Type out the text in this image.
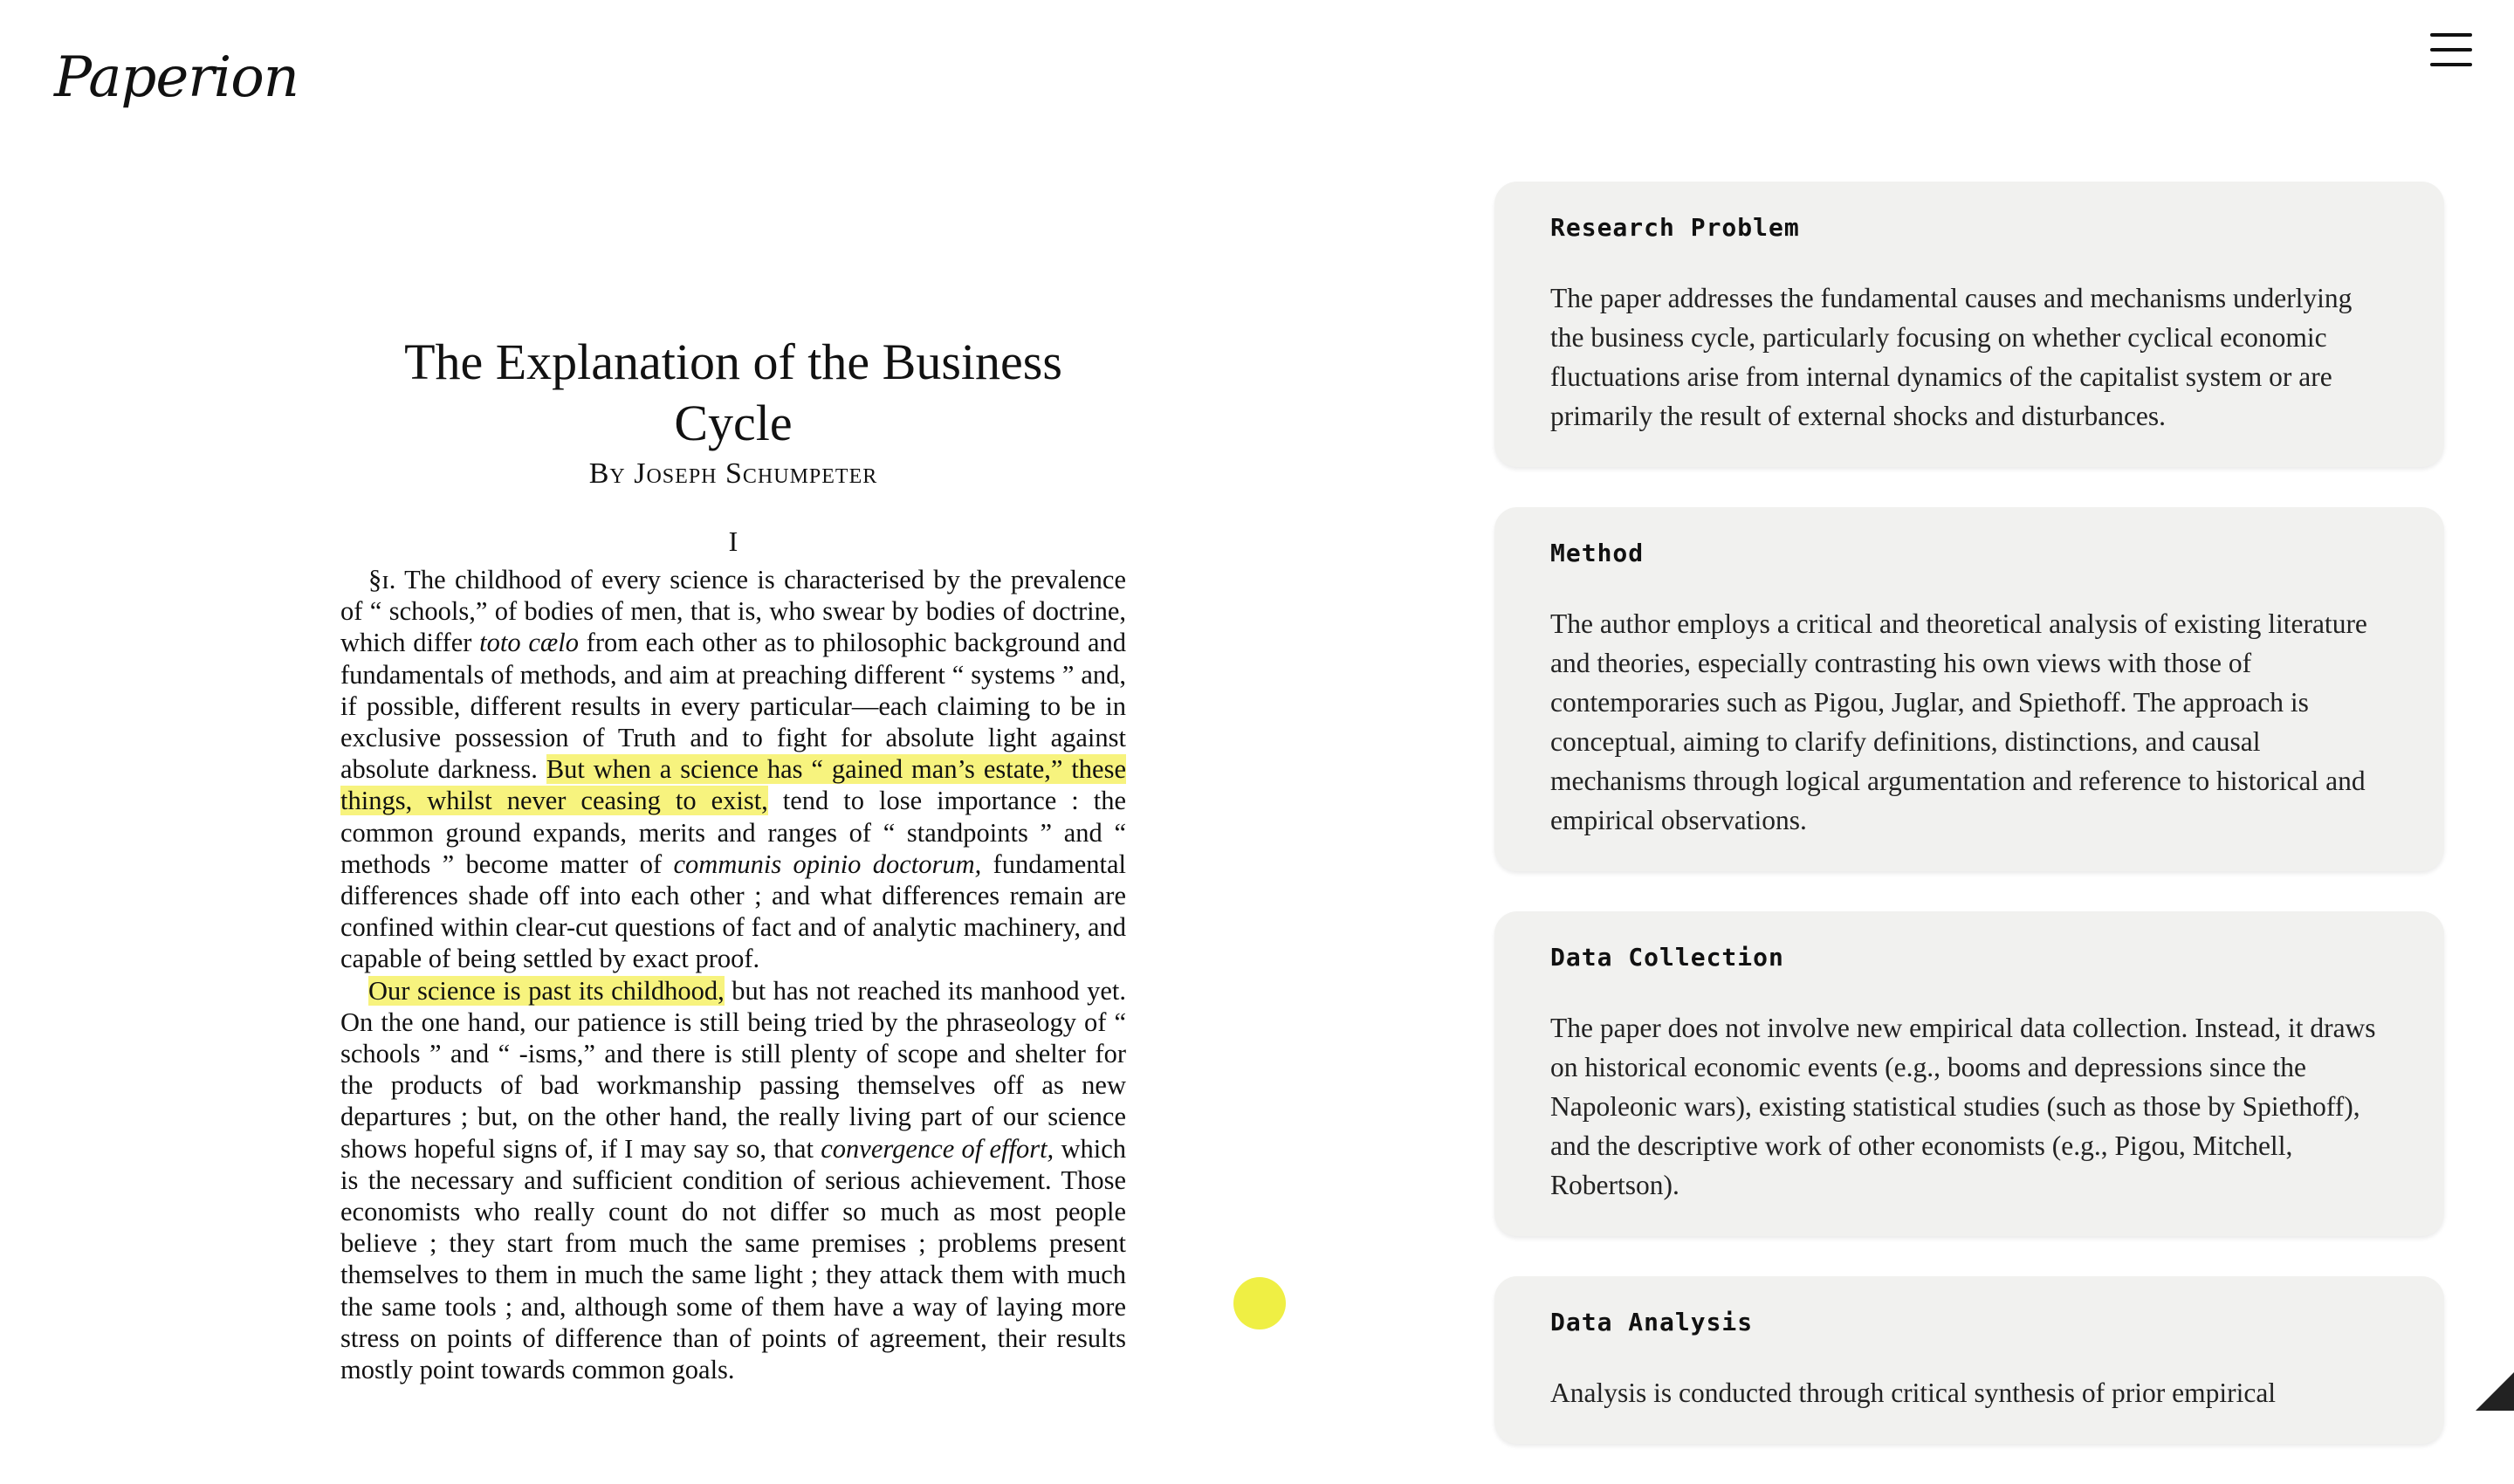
Paperion
The Explanation of the Business Cycle
By Joseph Schumpeter
I

§ɪ. The childhood of every science is characterised by the prevalence of “ schools,” of bodies of men, that is, who swear by bodies of doctrine, which differ toto cælo from each other as to philosophic background and fundamentals of methods, and aim at preaching different “ systems ” and, if possible, different results in every particular—each claiming to be in exclusive possession of Truth and to fight for absolute light against absolute darkness. But when a science has “ gained man’s estate,” these things, whilst never ceasing to exist, tend to lose importance : the common ground expands, merits and ranges of “ standpoints ” and “ methods ” become matter of communis opinio doctorum, fundamental differences shade off into each other ; and what differences remain are confined within clear-cut questions of fact and of analytic machinery, and capable of being settled by exact proof.

Our science is past its childhood, but has not reached its manhood yet. On the one hand, our patience is still being tried by the phraseology of “ schools ” and “ -isms,” and there is still plenty of scope and shelter for the products of bad workmanship passing themselves off as new departures ; but, on the other hand, the really living part of our science shows hopeful signs of, if I may say so, that convergence of effort, which is the necessary and sufficient condition of serious achievement. Those economists who really count do not differ so much as most people believe ; they start from much the same premises ; problems present themselves to them in much the same light ; they attack them with much the same tools ; and, although some of them have a way of laying more stress on points of difference than of points of agreement, their results mostly point towards common goals.

Research Problem

The paper addresses the fundamental causes and mechanisms underlying the business cycle, particularly focusing on whether cyclical economic fluctuations arise from internal dynamics of the capitalist system or are primarily the result of external shocks and disturbances.

Method

The author employs a critical and theoretical analysis of existing literature and theories, especially contrasting his own views with those of contemporaries such as Pigou, Juglar, and Spiethoff. The approach is conceptual, aiming to clarify definitions, distinctions, and causal mechanisms through logical argumentation and reference to historical and empirical observations.

Data Collection

The paper does not involve new empirical data collection. Instead, it draws on historical economic events (e.g., booms and depressions since the Napoleonic wars), existing statistical studies (such as those by Spiethoff), and the descriptive work of other economists (e.g., Pigou, Mitchell, Robertson).

Data Analysis

Analysis is conducted through critical synthesis of prior empirical
